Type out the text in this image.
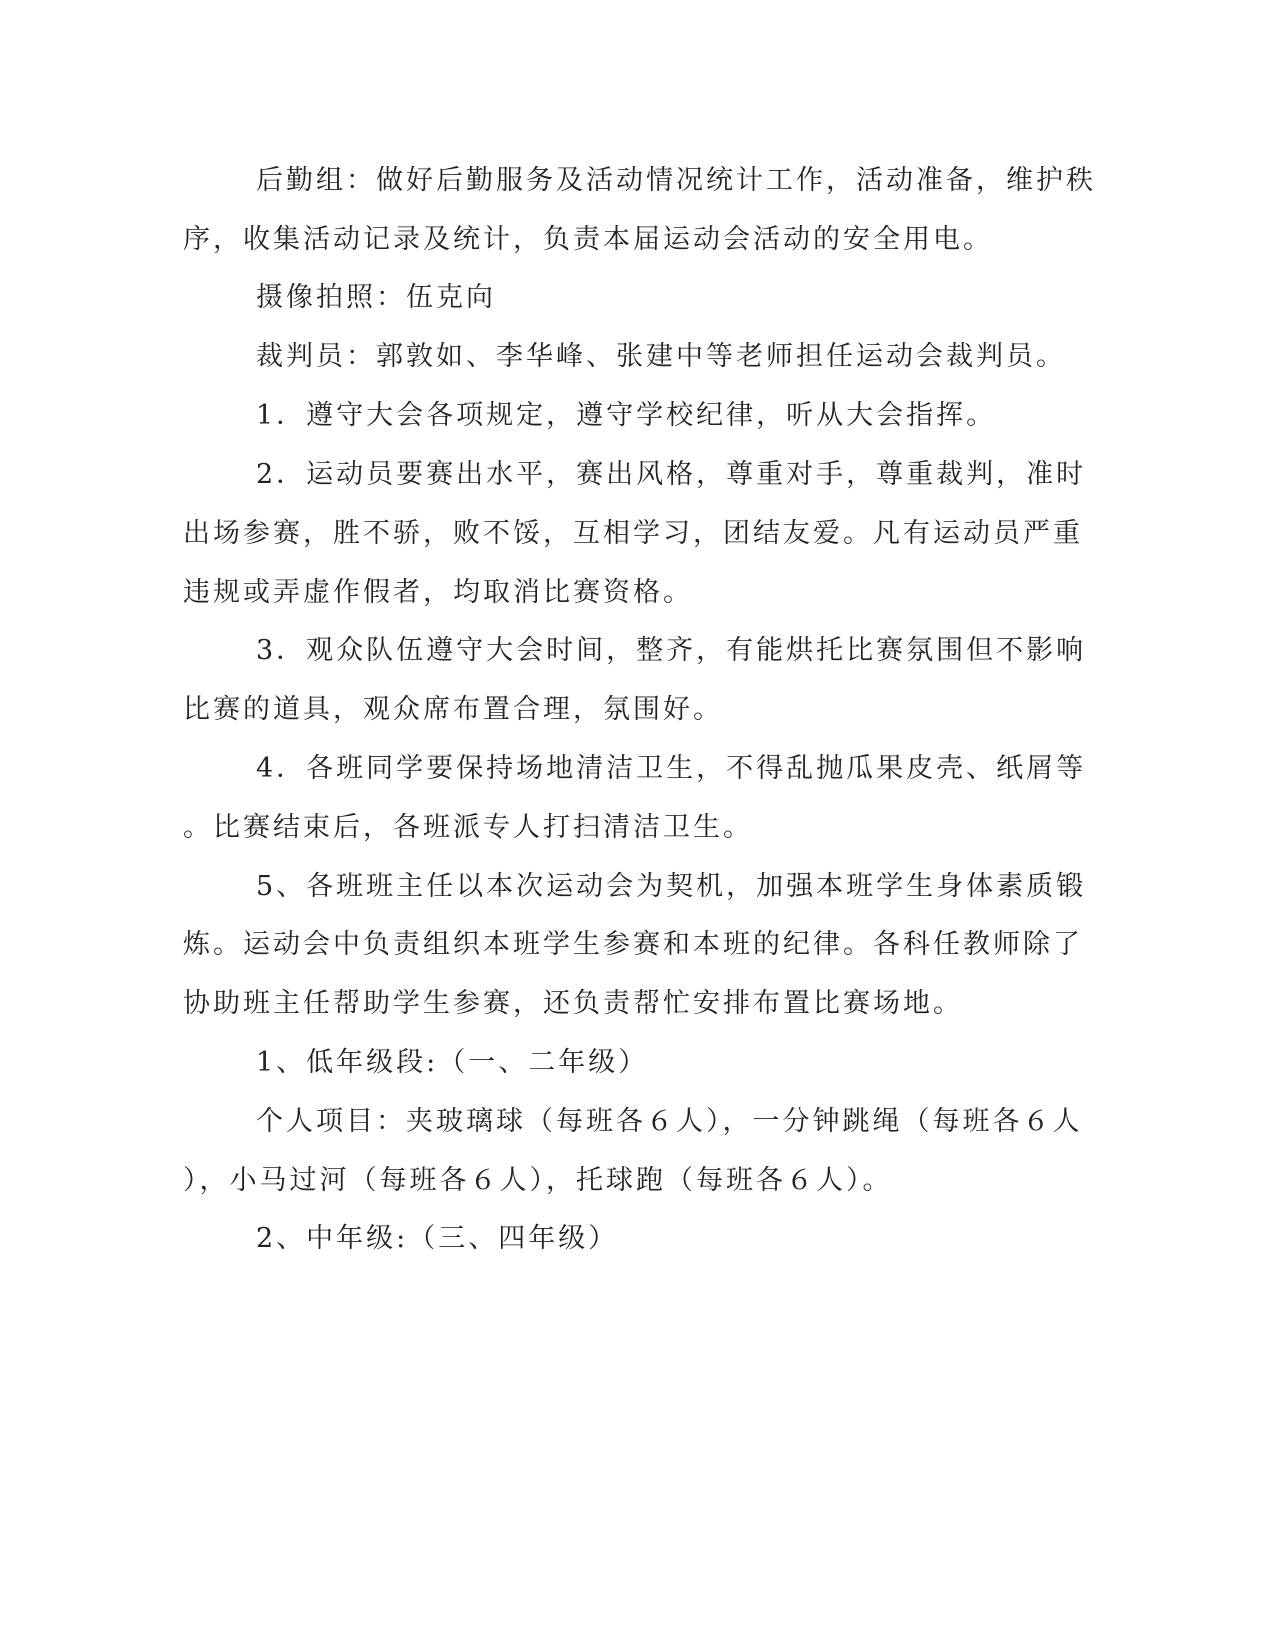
后勤组：做好后勤服务及活动情况统计工作，活动准备，维护秩
序，收集活动记录及统计，负责本届运动会活动的安全用电。
摄像拍照：伍克向
裁判员：郭敦如、李华峰、张建中等老师担任运动会裁判员。
1．遵守大会各项规定，遵守学校纪律，听从大会指挥。
2．运动员要赛出水平，赛出风格，尊重对手，尊重裁判，准时
出场参赛，胜不骄，败不馁，互相学习，团结友爱。凡有运动员严重
违规或弄虚作假者，均取消比赛资格。
3．观众队伍遵守大会时间，整齐，有能烘托比赛氛围但不影响
比赛的道具，观众席布置合理，氛围好。
4．各班同学要保持场地清洁卫生，不得乱抛瓜果皮壳、纸屑等
。比赛结束后，各班派专人打扫清洁卫生。
5、各班班主任以本次运动会为契机，加强本班学生身体素质锻
炼。运动会中负责组织本班学生参赛和本班的纪律。各科任教师除了
协助班主任帮助学生参赛，还负责帮忙安排布置比赛场地。
1、低年级段:（一、二年级）
个人项目：夹玻璃球（每班各６人），一分钟跳绳（每班各６人
），小马过河（每班各６人），托球跑（每班各６人）。
2、中年级:（三、四年级）
